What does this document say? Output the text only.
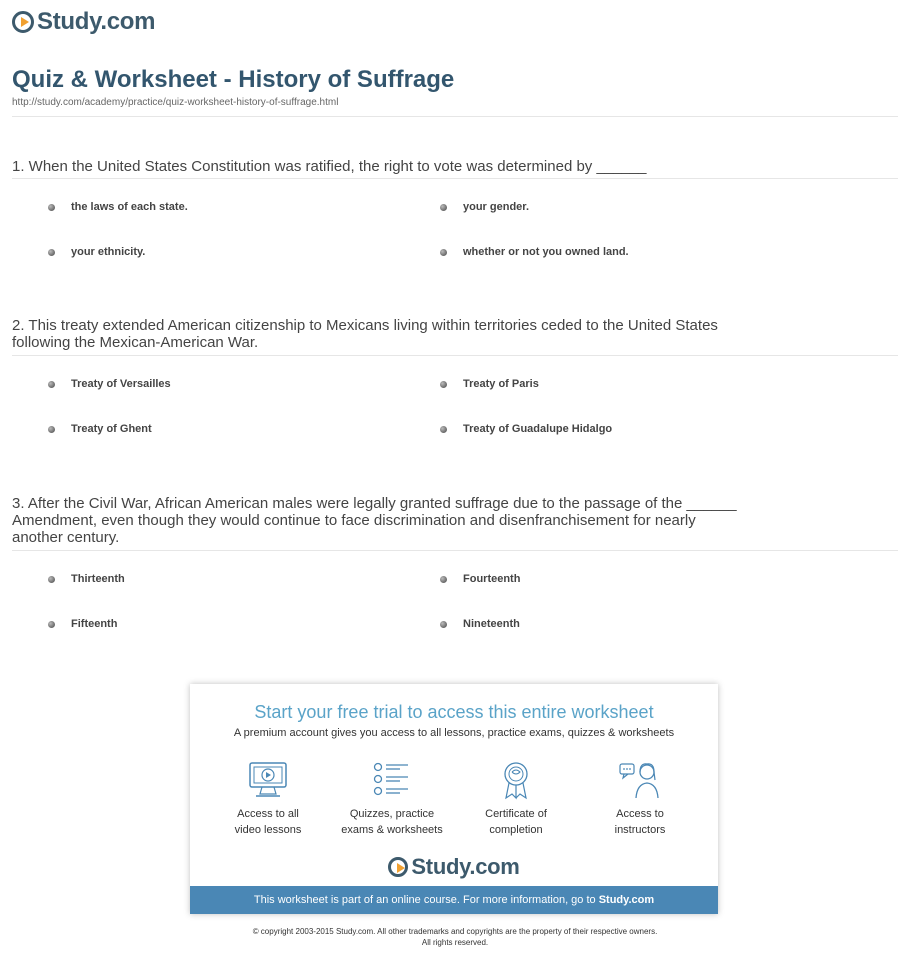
Study.com
Quiz & Worksheet - History of Suffrage
http://study.com/academy/practice/quiz-worksheet-history-of-suffrage.html
1. When the United States Constitution was ratified, the right to vote was determined by ______
the laws of each state.	your gender.
your ethnicity.	whether or not you owned land.
2. This treaty extended American citizenship to Mexicans living within territories ceded to the United States following the Mexican-American War.
Treaty of Versailles	Treaty of Paris
Treaty of Ghent	Treaty of Guadalupe Hidalgo
3. After the Civil War, African American males were legally granted suffrage due to the passage of the ______ Amendment, even though they would continue to face discrimination and disenfranchisement for nearly another century.
Thirteenth	Fourteenth
Fifteenth	Nineteenth
Start your free trial to access this entire worksheet
A premium account gives you access to all lessons, practice exams, quizzes & worksheets
Access to all
video lessons
Quizzes, practice
exams & worksheets
Certificate of
completion
Access to
instructors
Study.com
This worksheet is part of an online course. For more information, go to Study.com
© copyright 2003-2015 Study.com. All other trademarks and copyrights are the property of their respective owners.
All rights reserved.
